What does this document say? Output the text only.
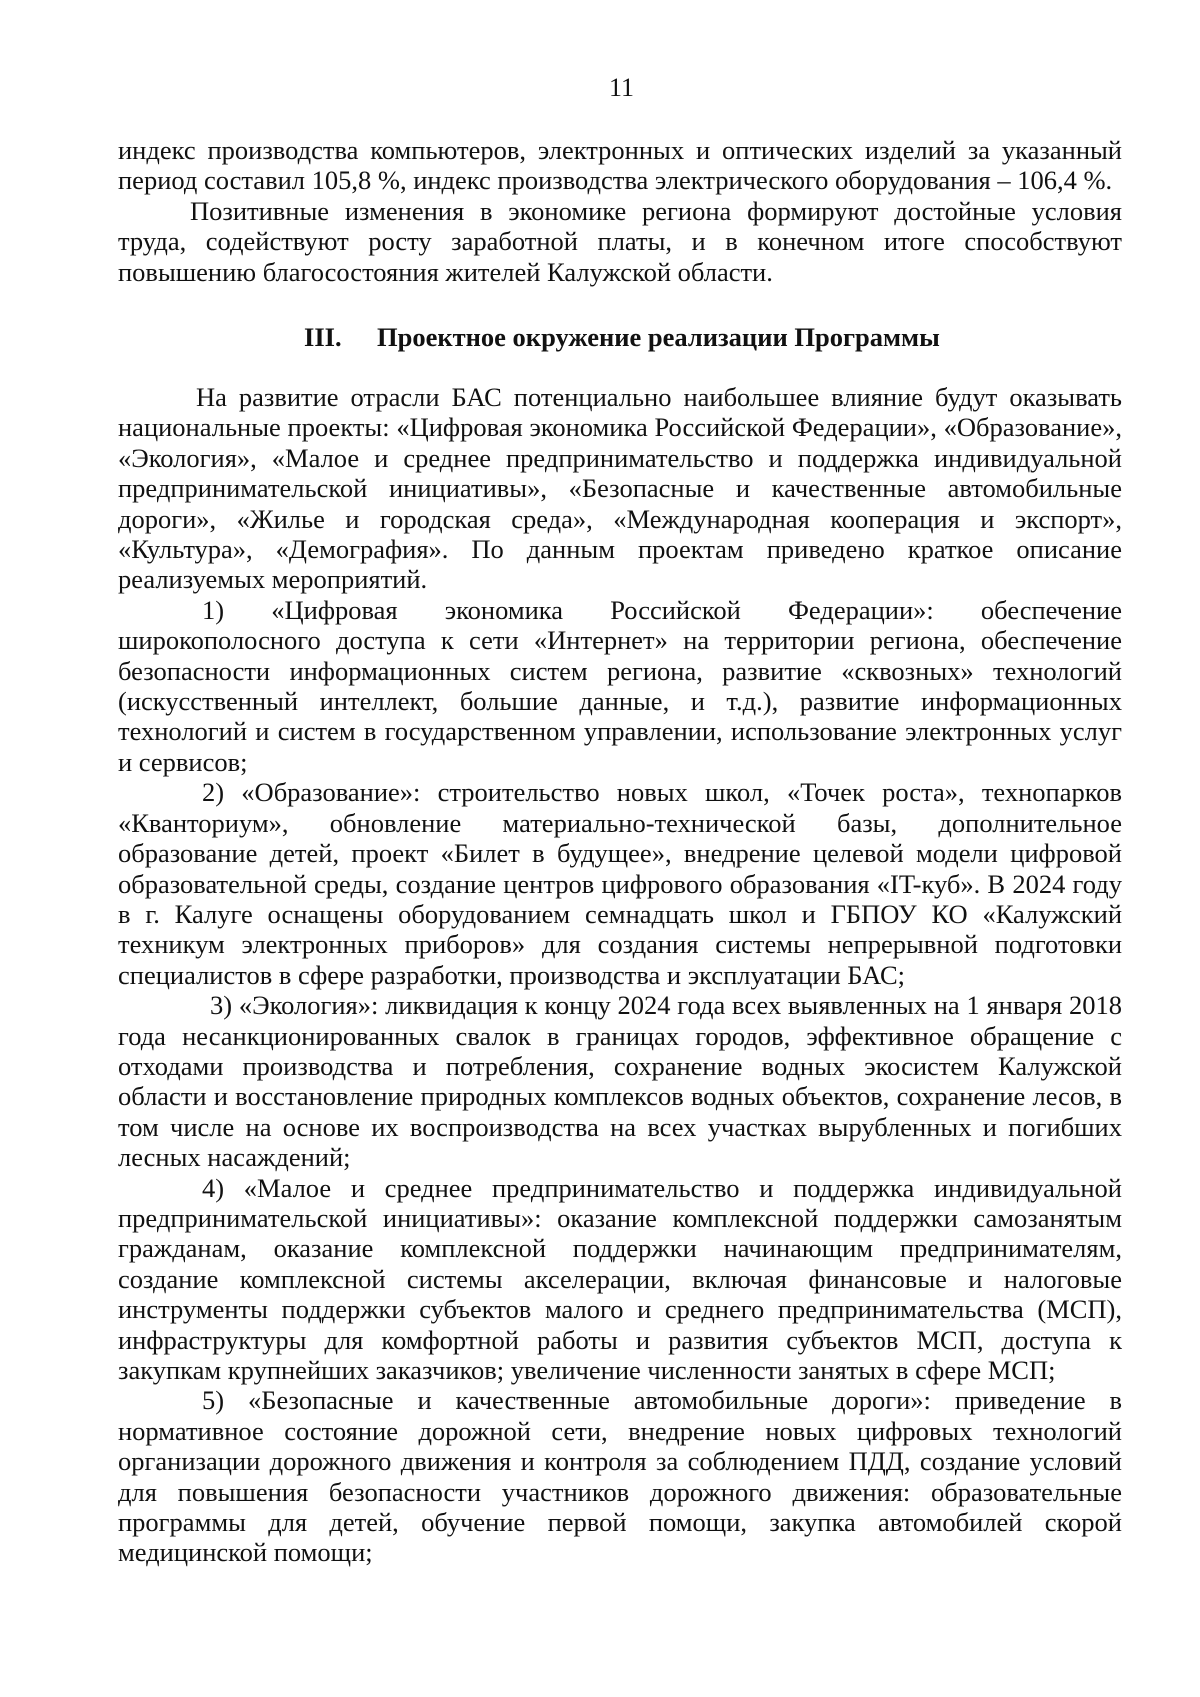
11

индекс производства компьютеров, электронных и оптических изделий за указанный период составил 105,8 %, индекс производства электрического оборудования – 106,4 %.

Позитивные изменения в экономике региона формируют достойные условия труда, содействуют росту заработной платы, и в конечном итоге способствуют повышению благосостояния жителей Калужской области.

III. Проектное окружение реализации Программы

На развитие отрасли БАС потенциально наибольшее влияние будут оказывать национальные проекты: «Цифровая экономика Российской Федерации», «Образование», «Экология», «Малое и среднее предпринимательство и поддержка индивидуальной предпринимательской инициативы», «Безопасные и качественные автомобильные дороги», «Жилье и городская среда», «Международная кооперация и экспорт», «Культура», «Демография». По данным проектам приведено краткое описание реализуемых мероприятий.

1) «Цифровая экономика Российской Федерации»: обеспечение широкополосного доступа к сети «Интернет» на территории региона, обеспечение безопасности информационных систем региона, развитие «сквозных» технологий (искусственный интеллект, большие данные, и т.д.), развитие информационных технологий и систем в государственном управлении, использование электронных услуг и сервисов;

2) «Образование»: строительство новых школ, «Точек роста», технопарков «Кванториум», обновление материально-технической базы, дополнительное образование детей, проект «Билет в будущее», внедрение целевой модели цифровой образовательной среды, создание центров цифрового образования «IT-куб». В 2024 году в г. Калуге оснащены оборудованием семнадцать школ и ГБПОУ КО «Калужский техникум электронных приборов» для создания системы непрерывной подготовки специалистов в сфере разработки, производства и эксплуатации БАС;

3) «Экология»: ликвидация к концу 2024 года всех выявленных на 1 января 2018 года несанкционированных свалок в границах городов, эффективное обращение с отходами производства и потребления, сохранение водных экосистем Калужской области и восстановление природных комплексов водных объектов, сохранение лесов, в том числе на основе их воспроизводства на всех участках вырубленных и погибших лесных насаждений;

4) «Малое и среднее предпринимательство и поддержка индивидуальной предпринимательской инициативы»: оказание комплексной поддержки самозанятым гражданам, оказание комплексной поддержки начинающим предпринимателям, создание комплексной системы акселерации, включая финансовые и налоговые инструменты поддержки субъектов малого и среднего предпринимательства (МСП), инфраструктуры для комфортной работы и развития субъектов МСП, доступа к закупкам крупнейших заказчиков; увеличение численности занятых в сфере МСП;

5) «Безопасные и качественные автомобильные дороги»: приведение в нормативное состояние дорожной сети, внедрение новых цифровых технологий организации дорожного движения и контроля за соблюдением ПДД, создание условий для повышения безопасности участников дорожного движения: образовательные программы для детей, обучение первой помощи, закупка автомобилей скорой медицинской помощи;
